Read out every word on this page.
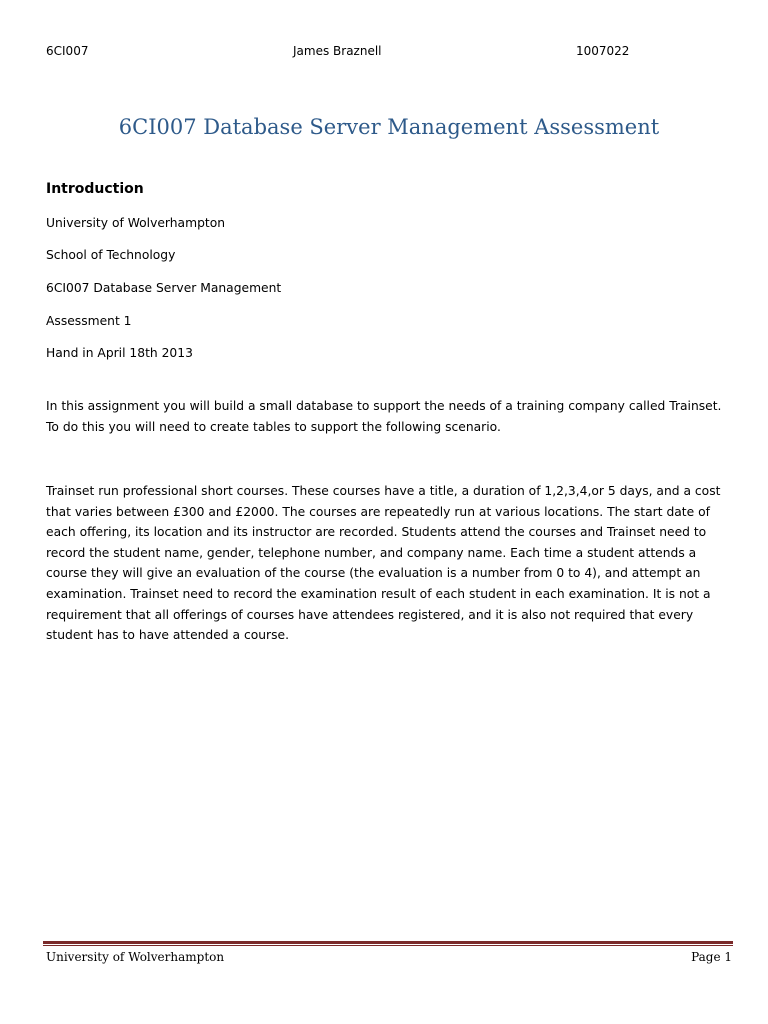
6CI007	James Braznell	1007022
6CI007 Database Server Management Assessment
Introduction
University of Wolverhampton
School of Technology
6CI007 Database Server Management
Assessment 1
Hand in April 18th 2013

In this assignment you will build a small database to support the needs of a training company called Trainset.

To do this you will need to create tables to support the following scenario.

Trainset run professional short courses. These courses have a title, a duration of 1,2,3,4,or 5 days, and a cost

that varies between £300 and £2000. The courses are repeatedly run at various locations. The start date of

each offering, its location and its instructor are recorded. Students attend the courses and Trainset need to

record the student name, gender, telephone number, and company name. Each time a student attends a

course they will give an evaluation of the course (the evaluation is a number from 0 to 4), and attempt an

examination. Trainset need to record the examination result of each student in each examination. It is not a

requirement that all offerings of courses have attendees registered, and it is also not required that every

student has to have attended a course.

University of Wolverhampton	Page 1
